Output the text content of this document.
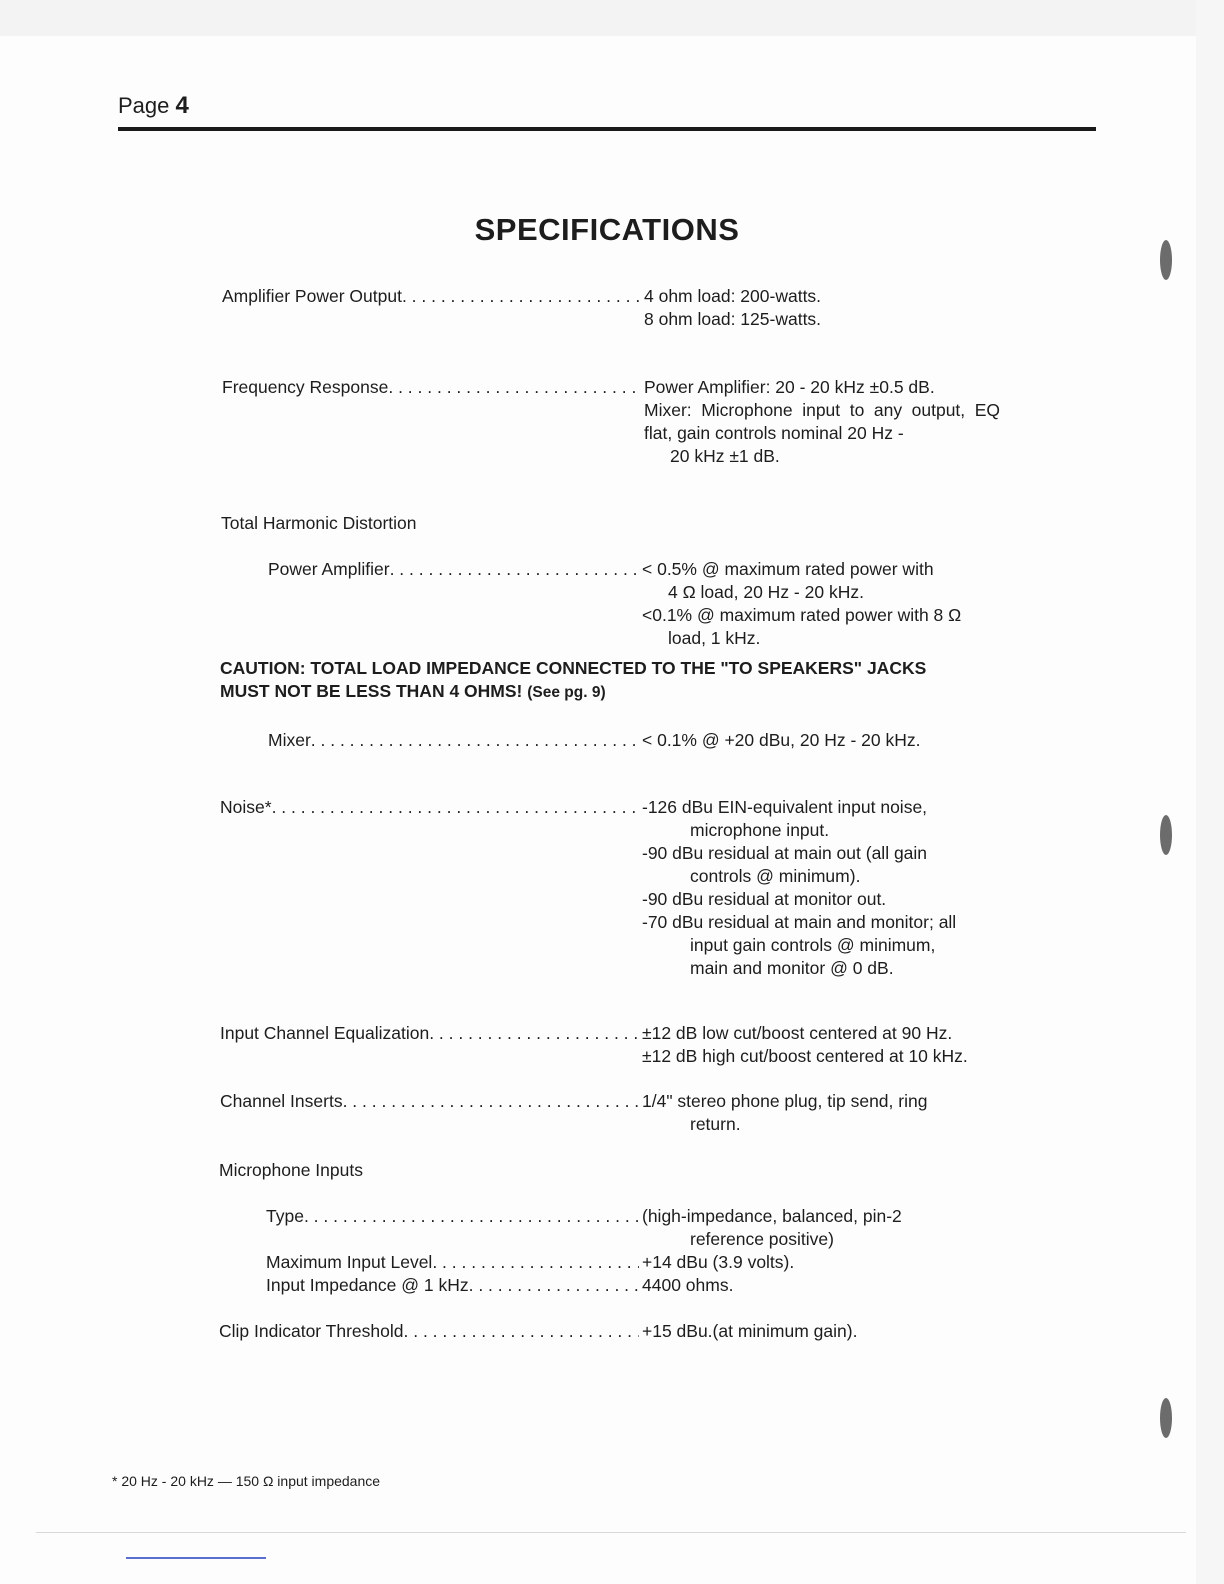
Page 4
SPECIFICATIONS
Amplifier Power Output . . .	4 ohm load: 200-watts.
8 ohm load: 125-watts.
Frequency Response . . .	Power Amplifier: 20 - 20 kHz ±0.5 dB.
Mixer: Microphone input to any output, EQ flat, gain controls nominal 20 Hz -
20 kHz ±1 dB.
Total Harmonic Distortion
Power Amplifier . . .	< 0.5% @ maximum rated power with
4 Ω load, 20 Hz - 20 kHz.
<0.1% @ maximum rated power with 8 Ω
load, 1 kHz.
CAUTION: TOTAL LOAD IMPEDANCE CONNECTED TO THE "TO SPEAKERS" JACKS
MUST NOT BE LESS THAN 4 OHMS! (See pg. 9)
Mixer . . .	< 0.1% @ +20 dBu, 20 Hz - 20 kHz.
Noise* . . .	-126 dBu EIN-equivalent input noise,
microphone input.
-90 dBu residual at main out (all gain
controls @ minimum).
-90 dBu residual at monitor out.
-70 dBu residual at main and monitor; all
input gain controls @ minimum,
main and monitor @ 0 dB.
Input Channel Equalization . . .	±12 dB low cut/boost centered at 90 Hz.
±12 dB high cut/boost centered at 10 kHz.
Channel Inserts . . .	1/4" stereo phone plug, tip send, ring
return.
Microphone Inputs
Type . . .	(high-impedance, balanced, pin-2
reference positive)
Maximum Input Level . . .	+14 dBu (3.9 volts).
Input Impedance @ 1 kHz . . .	4400 ohms.
Clip Indicator Threshold . . .	+15 dBu.(at minimum gain).
* 20 Hz - 20 kHz — 150 Ω input impedance
